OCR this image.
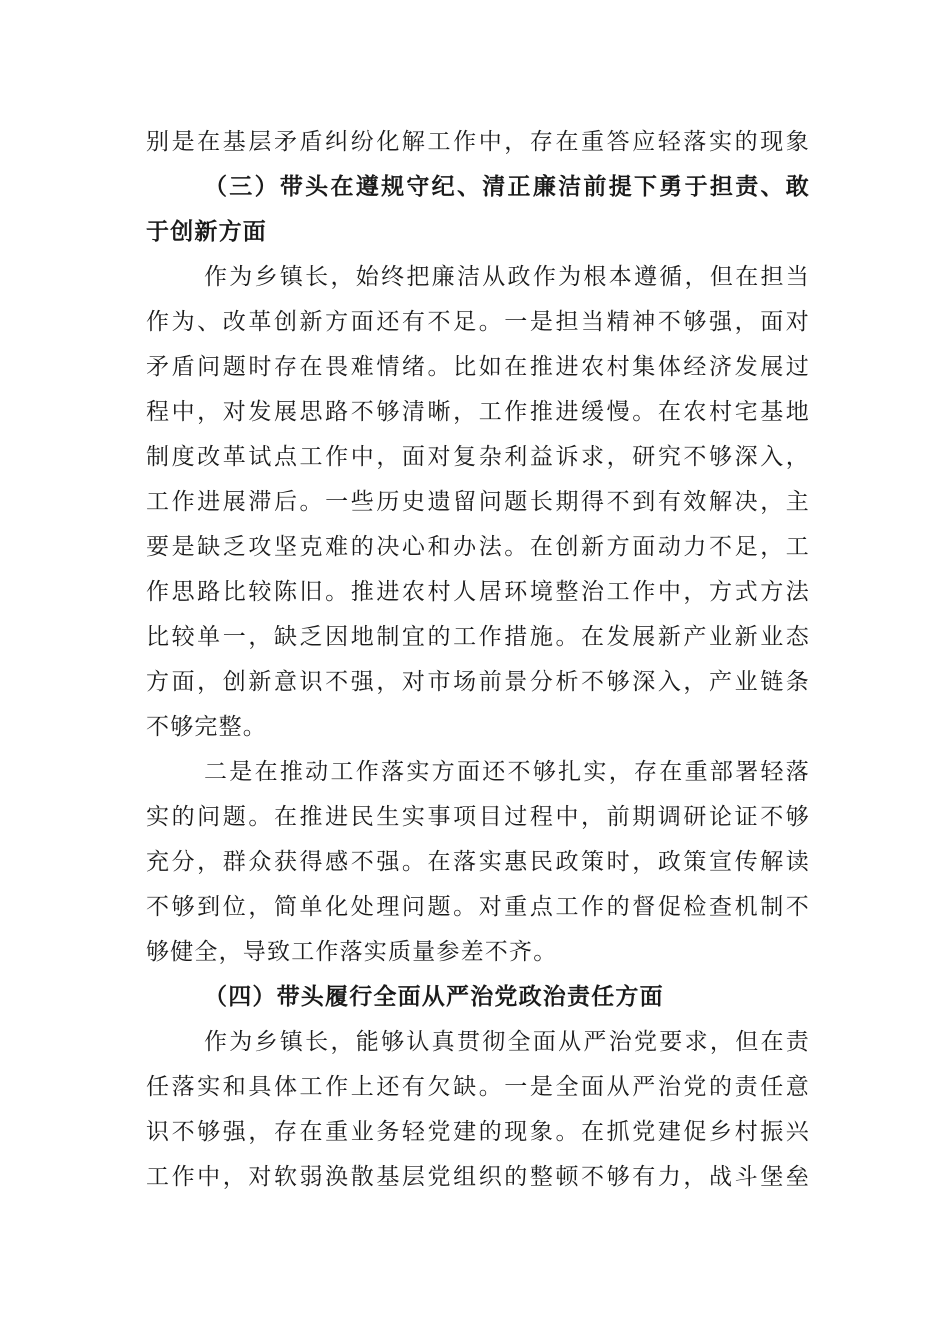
别是在基层矛盾纠纷化解工作中，存在重答应轻落实的现象
（三）带头在遵规守纪、清正廉洁前提下勇于担责、敢
于创新方面
作为乡镇长，始终把廉洁从政作为根本遵循，但在担当
作为、改革创新方面还有不足。一是担当精神不够强，面对
矛盾问题时存在畏难情绪。比如在推进农村集体经济发展过
程中，对发展思路不够清晰，工作推进缓慢。在农村宅基地
制度改革试点工作中，面对复杂利益诉求，研究不够深入，
工作进展滞后。一些历史遗留问题长期得不到有效解决，主
要是缺乏攻坚克难的决心和办法。在创新方面动力不足，工
作思路比较陈旧。推进农村人居环境整治工作中，方式方法
比较单一，缺乏因地制宜的工作措施。在发展新产业新业态
方面，创新意识不强，对市场前景分析不够深入，产业链条
不够完整。
二是在推动工作落实方面还不够扎实，存在重部署轻落
实的问题。在推进民生实事项目过程中，前期调研论证不够
充分，群众获得感不强。在落实惠民政策时，政策宣传解读
不够到位，简单化处理问题。对重点工作的督促检查机制不
够健全，导致工作落实质量参差不齐。
（四）带头履行全面从严治党政治责任方面
作为乡镇长，能够认真贯彻全面从严治党要求，但在责
任落实和具体工作上还有欠缺。一是全面从严治党的责任意
识不够强，存在重业务轻党建的现象。在抓党建促乡村振兴
工作中，对软弱涣散基层党组织的整顿不够有力，战斗堡垒
